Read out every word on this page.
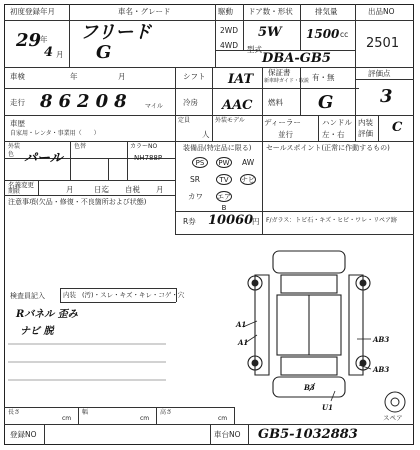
初度登録年月
29
年
4 月
車名・グレード
フリード
G
駆動
2WD
4WD
ドア数・形状
5W
排気量
1500 cc
型式
DBA-GB5
出品NO
2501
車検	年	月	シフト IAT 保証書
新車時ガイド・取説 有・無	評価点
3
走行 86208 マイル	冷房 AAC 燃料 G
車歴
自家用・レンタ・事業用（　　）
定員
人
外装モデル	ディーラー
並行
ハンドル
左・右
内装
評価 C
外装
色 パール
色替	カラーNO
NH788P
名義変更
期限	月	日迄 自税 月
装備品(特定品に限る) セールスポイント(正常に作動するもの)
PS	PW	AW
SR	TV	ナビ
カワ エアB
R券 10060
円 F/ガラス：トビ石・キズ・ヒビ・ワレ・リペア跡
注意事項(欠品・修復・不良箇所および状態)
検査員記入	内装 (汚)・スレ・キズ・キレ・コゲ・穴
Rバネル 歪み
ナビ 脱
A1
A1	AB3
AB3
B3
U1
スペア
長さ
cm
幅
cm
高さ
cm
登録NO	車台NO GB5-1032883
